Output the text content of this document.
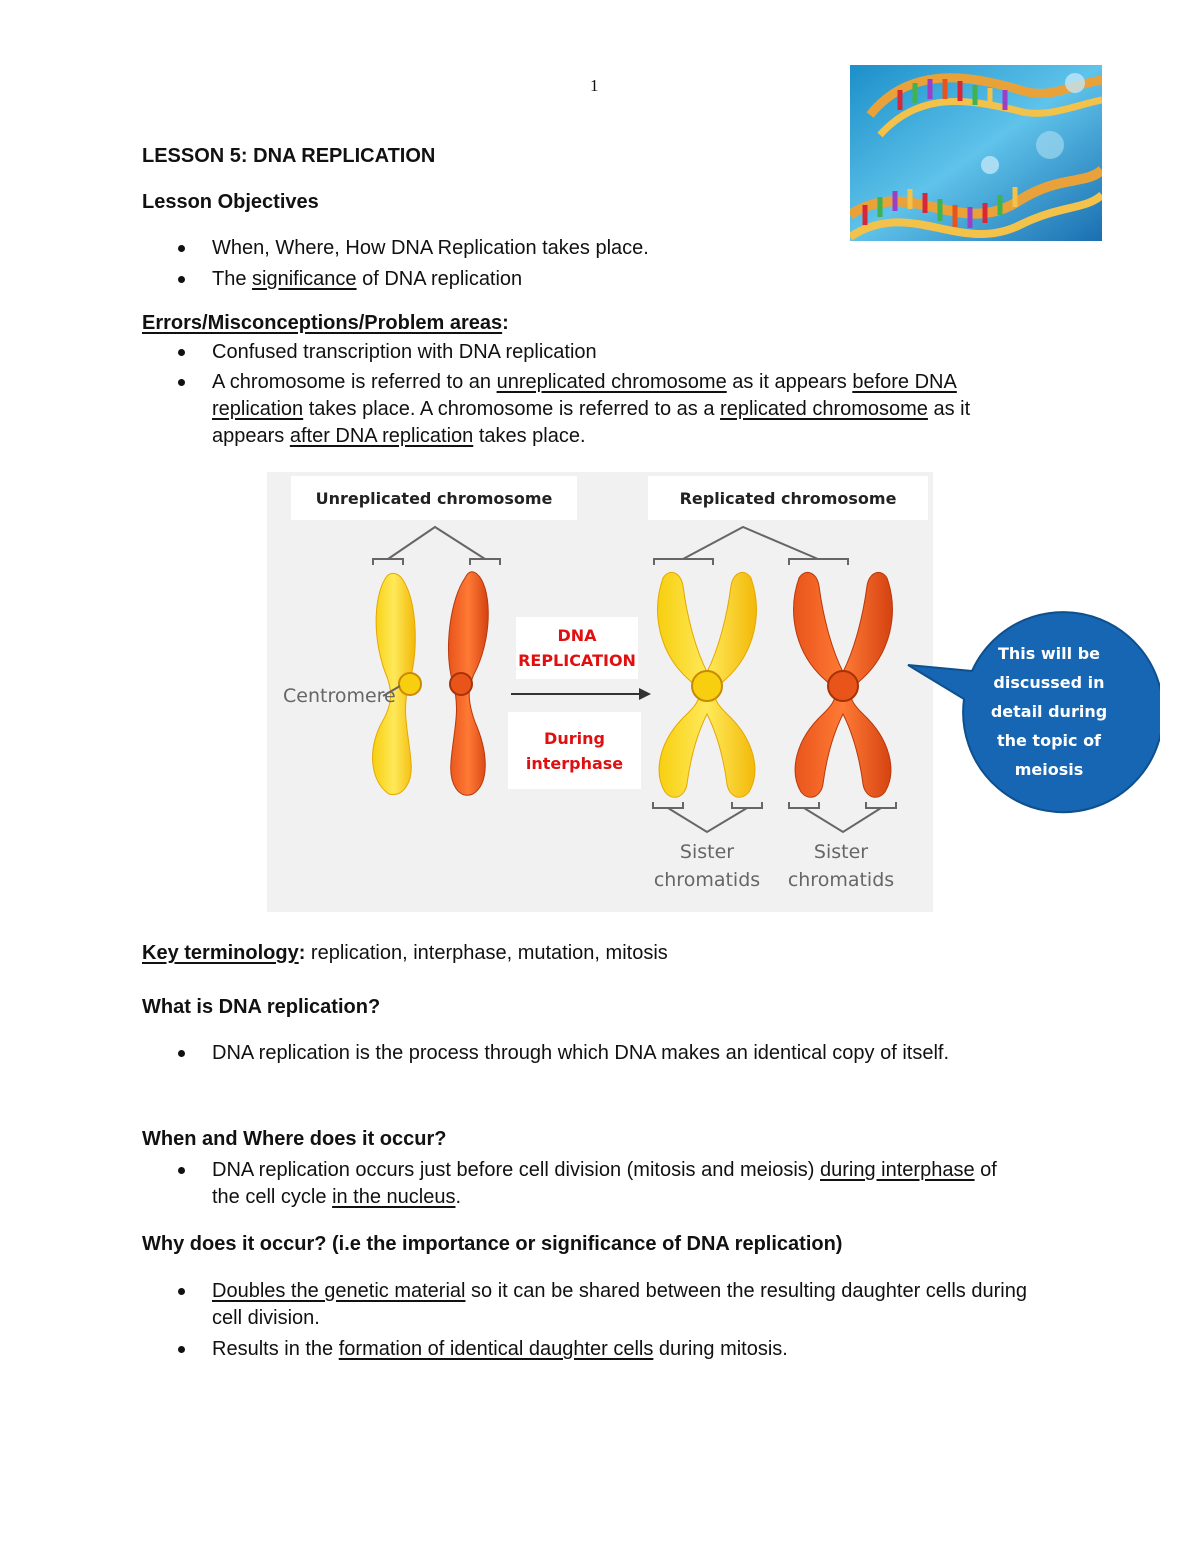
1
LESSON 5: DNA REPLICATION
Lesson Objectives
When, Where, How DNA Replication takes place.
The significance of DNA replication
Errors/Misconceptions/Problem areas:
Confused transcription with DNA replication
A chromosome is referred to an unreplicated chromosome as it appears before DNA replication takes place. A chromosome is referred to as a replicated chromosome as it appears after DNA replication takes place.
Unreplicated chromosome	Replicated chromosome
Centromere
DNA
REPLICATION
During
interphase
Sister
chromatids
Sister
chromatids
This will be
discussed in
detail during
the topic of
meiosis
Key terminology: replication, interphase, mutation, mitosis
What is DNA replication?
DNA replication is the process through which DNA makes an identical copy of itself.
When and Where does it occur?
DNA replication occurs just before cell division (mitosis and meiosis) during interphase of the cell cycle in the nucleus.
Why does it occur? (i.e the importance or significance of DNA replication)
Doubles the genetic material so it can be shared between the resulting daughter cells during cell division.
Results in the formation of identical daughter cells during mitosis.
